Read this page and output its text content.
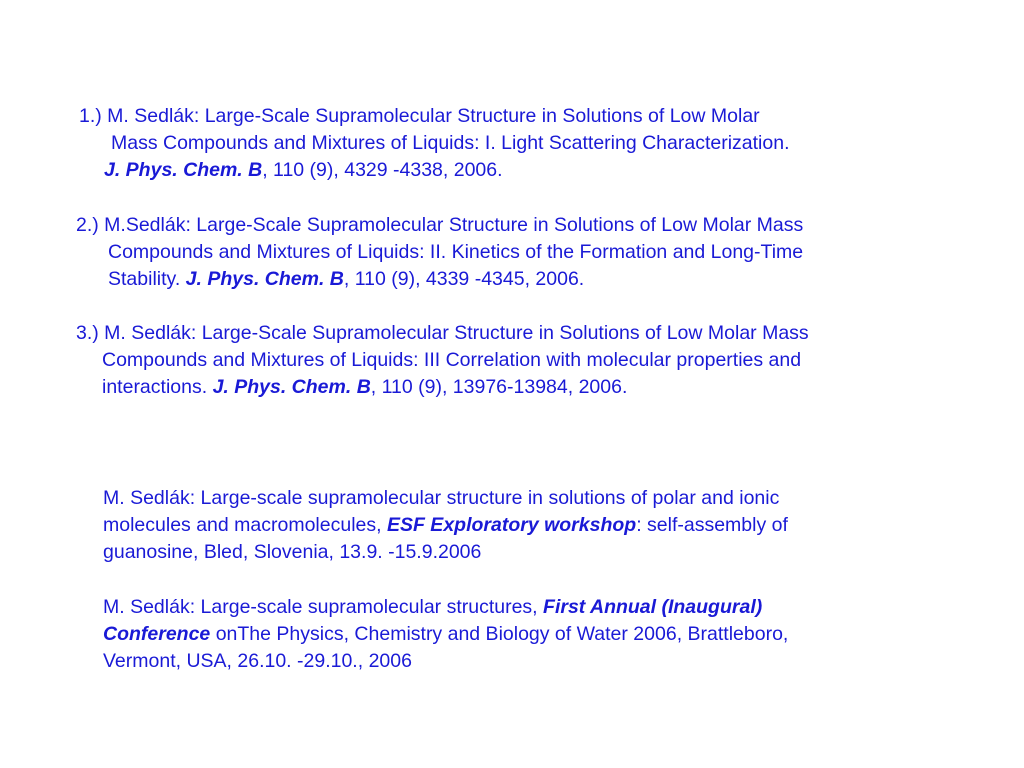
1.) M. Sedlák: Large-Scale Supramolecular Structure in Solutions of Low Molar
Mass Compounds and Mixtures of Liquids: I. Light Scattering Characterization.
J. Phys. Chem. B, 110 (9), 4329 -4338, 2006.
2.) M.Sedlák: Large-Scale Supramolecular Structure in Solutions of Low Molar Mass
Compounds and Mixtures of Liquids: II. Kinetics of the Formation and Long-Time
Stability. J. Phys. Chem. B, 110 (9), 4339 -4345, 2006.
3.) M. Sedlák: Large-Scale Supramolecular Structure in Solutions of Low Molar Mass
Compounds and Mixtures of Liquids: III Correlation with molecular properties and
interactions. J. Phys. Chem. B, 110 (9), 13976-13984, 2006.
M. Sedlák: Large-scale supramolecular structure in solutions of polar and ionic
molecules and macromolecules, ESF Exploratory workshop: self-assembly of
guanosine, Bled, Slovenia, 13.9. -15.9.2006
M. Sedlák: Large-scale supramolecular structures, First Annual (Inaugural)
Conference onThe Physics, Chemistry and Biology of Water 2006, Brattleboro,
Vermont, USA, 26.10. -29.10., 2006
